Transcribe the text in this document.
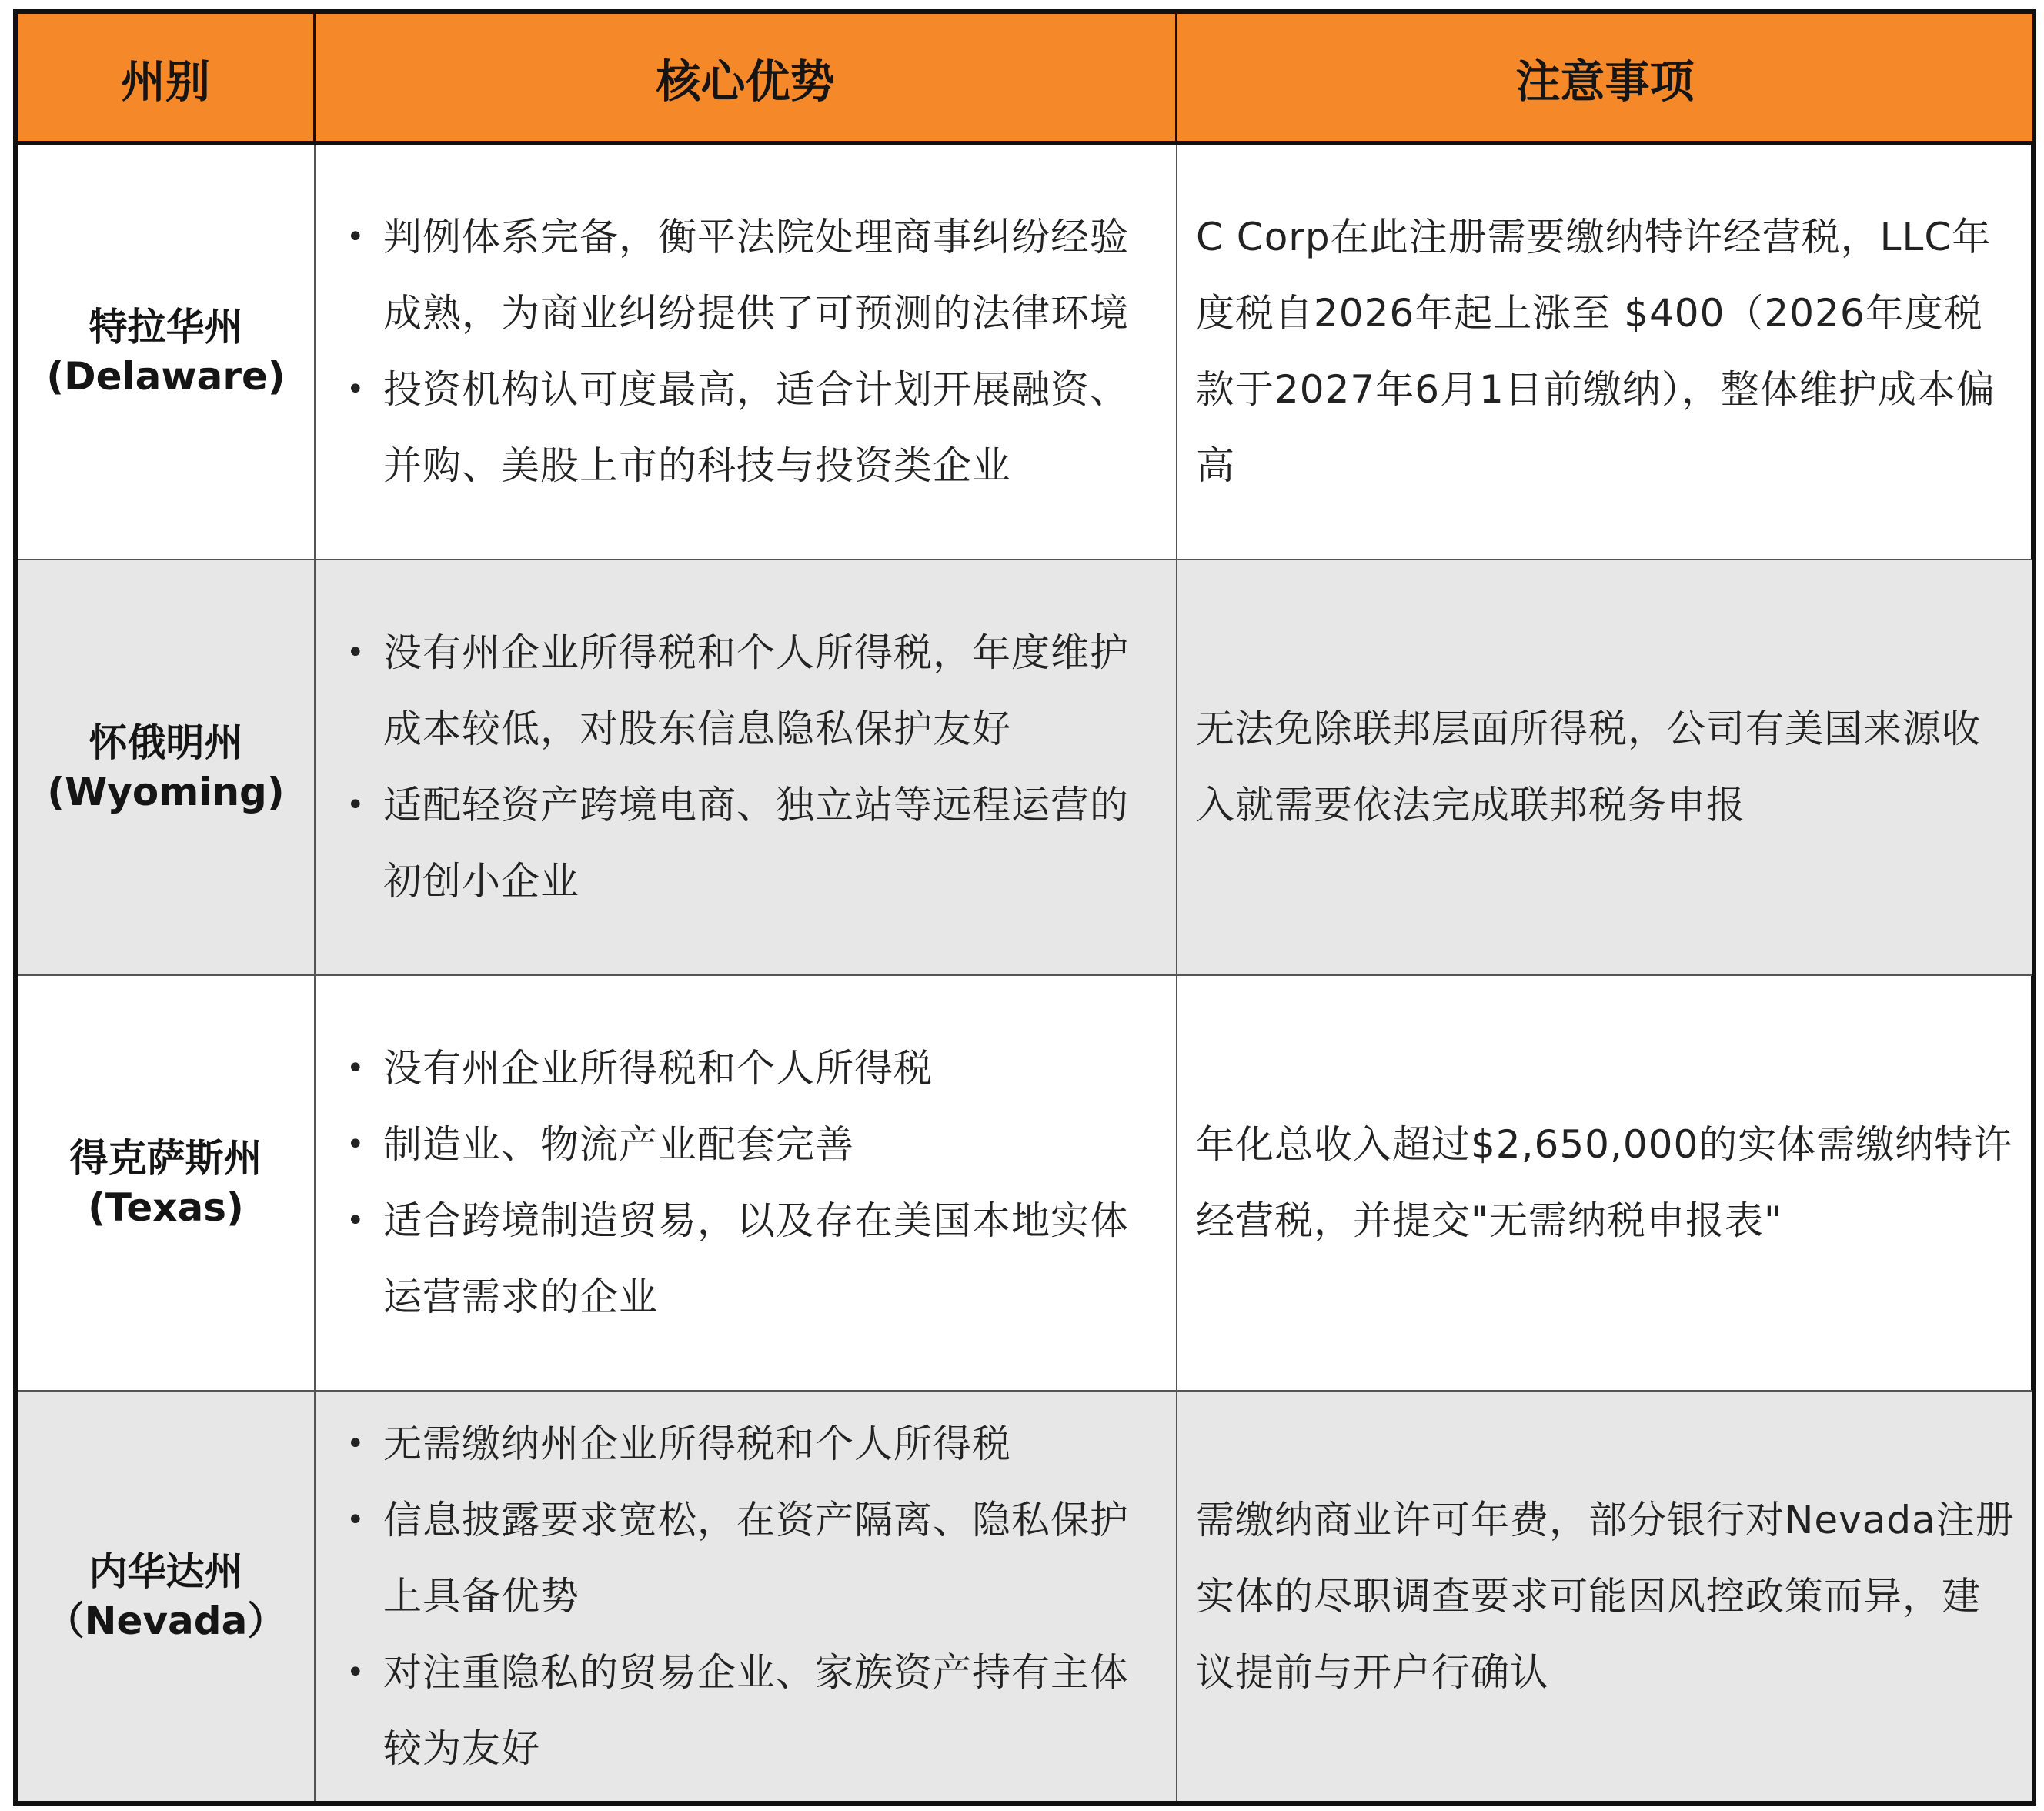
州别	核心优势	注意事项
特拉华州
(Delaware)
• 判例体系完备，衡平法院处理商事纠纷经验成熟，为商业纠纷提供了可预测的法律环境
• 投资机构认可度最高，适合计划开展融资、并购、美股上市的科技与投资类企业
C Corp在此注册需要缴纳特许经营税，LLC年度税自2026年起上涨至 $400（2026年度税款于2027年6月1日前缴纳），整体维护成本偏高
怀俄明州
(Wyoming)
• 没有州企业所得税和个人所得税，年度维护成本较低，对股东信息隐私保护友好
• 适配轻资产跨境电商、独立站等远程运营的初创小企业
无法免除联邦层面所得税，公司有美国来源收入就需要依法完成联邦税务申报
得克萨斯州
(Texas)
• 没有州企业所得税和个人所得税
• 制造业、物流产业配套完善
• 适合跨境制造贸易，以及存在美国本地实体运营需求的企业
年化总收入超过$2,650,000的实体需缴纳特许经营税，并提交"无需纳税申报表"
内华达州
（Nevada）
• 无需缴纳州企业所得税和个人所得税
• 信息披露要求宽松，在资产隔离、隐私保护上具备优势
• 对注重隐私的贸易企业、家族资产持有主体较为友好
需缴纳商业许可年费，部分银行对Nevada注册实体的尽职调查要求可能因风控政策而异，建议提前与开户行确认
